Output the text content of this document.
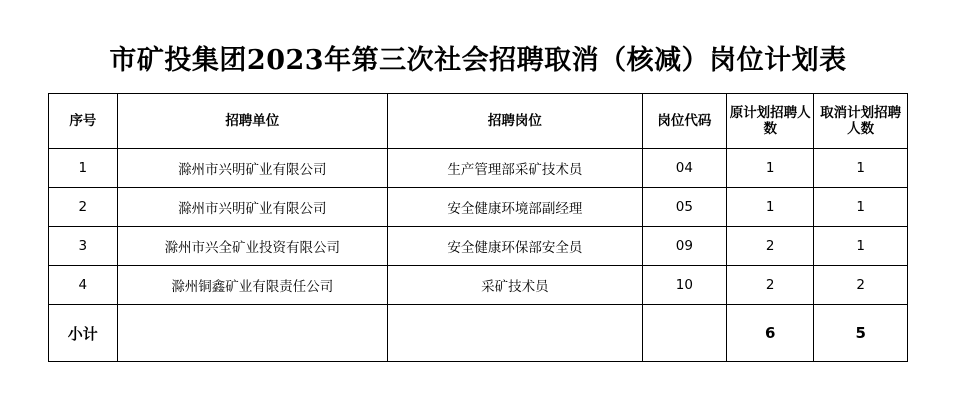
市矿投集团2023年第三次社会招聘取消（核减）岗位计划表
序号	招聘单位	招聘岗位	岗位代码	原计划招聘人数	取消计划招聘人数
1	滁州市兴明矿业有限公司	生产管理部采矿技术员	04	1	1
2	滁州市兴明矿业有限公司	安全健康环境部副经理	05	1	1
3	滁州市兴全矿业投资有限公司	安全健康环保部安全员	09	2	1
4	滁州铜鑫矿业有限责任公司	采矿技术员	10	2	2
小计				6	5
